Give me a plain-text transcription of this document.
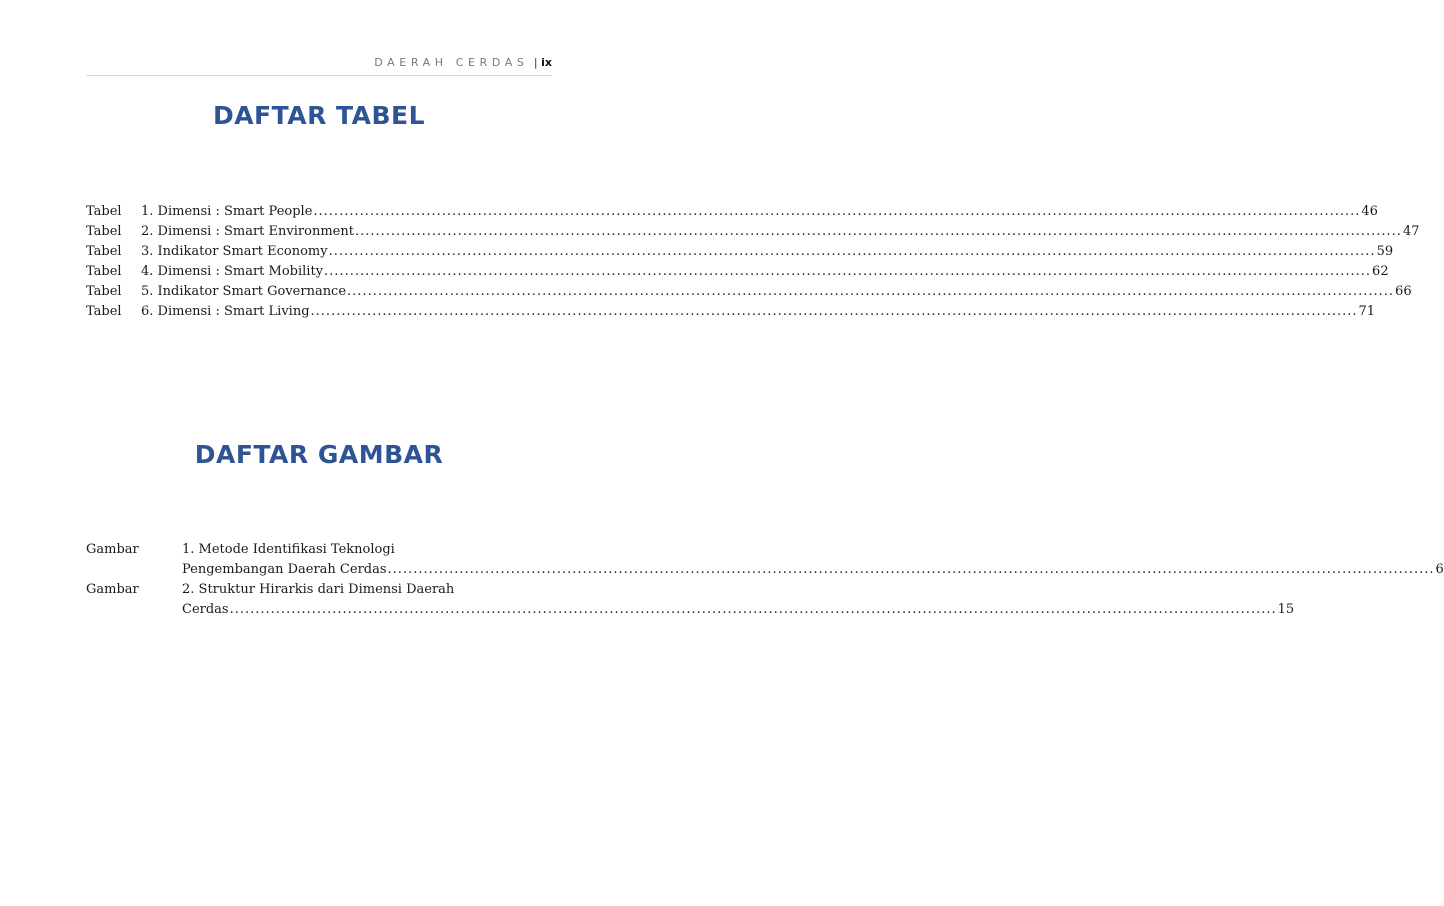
DAERAH CERDAS | ix
DAFTAR TABEL
Tabel	1. Dimensi : Smart People .....	46
Tabel	2. Dimensi : Smart Environment .....	47
Tabel	3. Indikator Smart Economy .....	59
Tabel	4. Dimensi : Smart Mobility .....	62
Tabel	5. Indikator Smart Governance .....	66
Tabel	6. Dimensi : Smart Living .....	71
DAFTAR GAMBAR
Gambar	1. Metode Identifikasi Teknologi
Pengembangan Daerah Cerdas .....	6
Gambar	2. Struktur Hirarkis dari Dimensi Daerah
Cerdas .....	15
